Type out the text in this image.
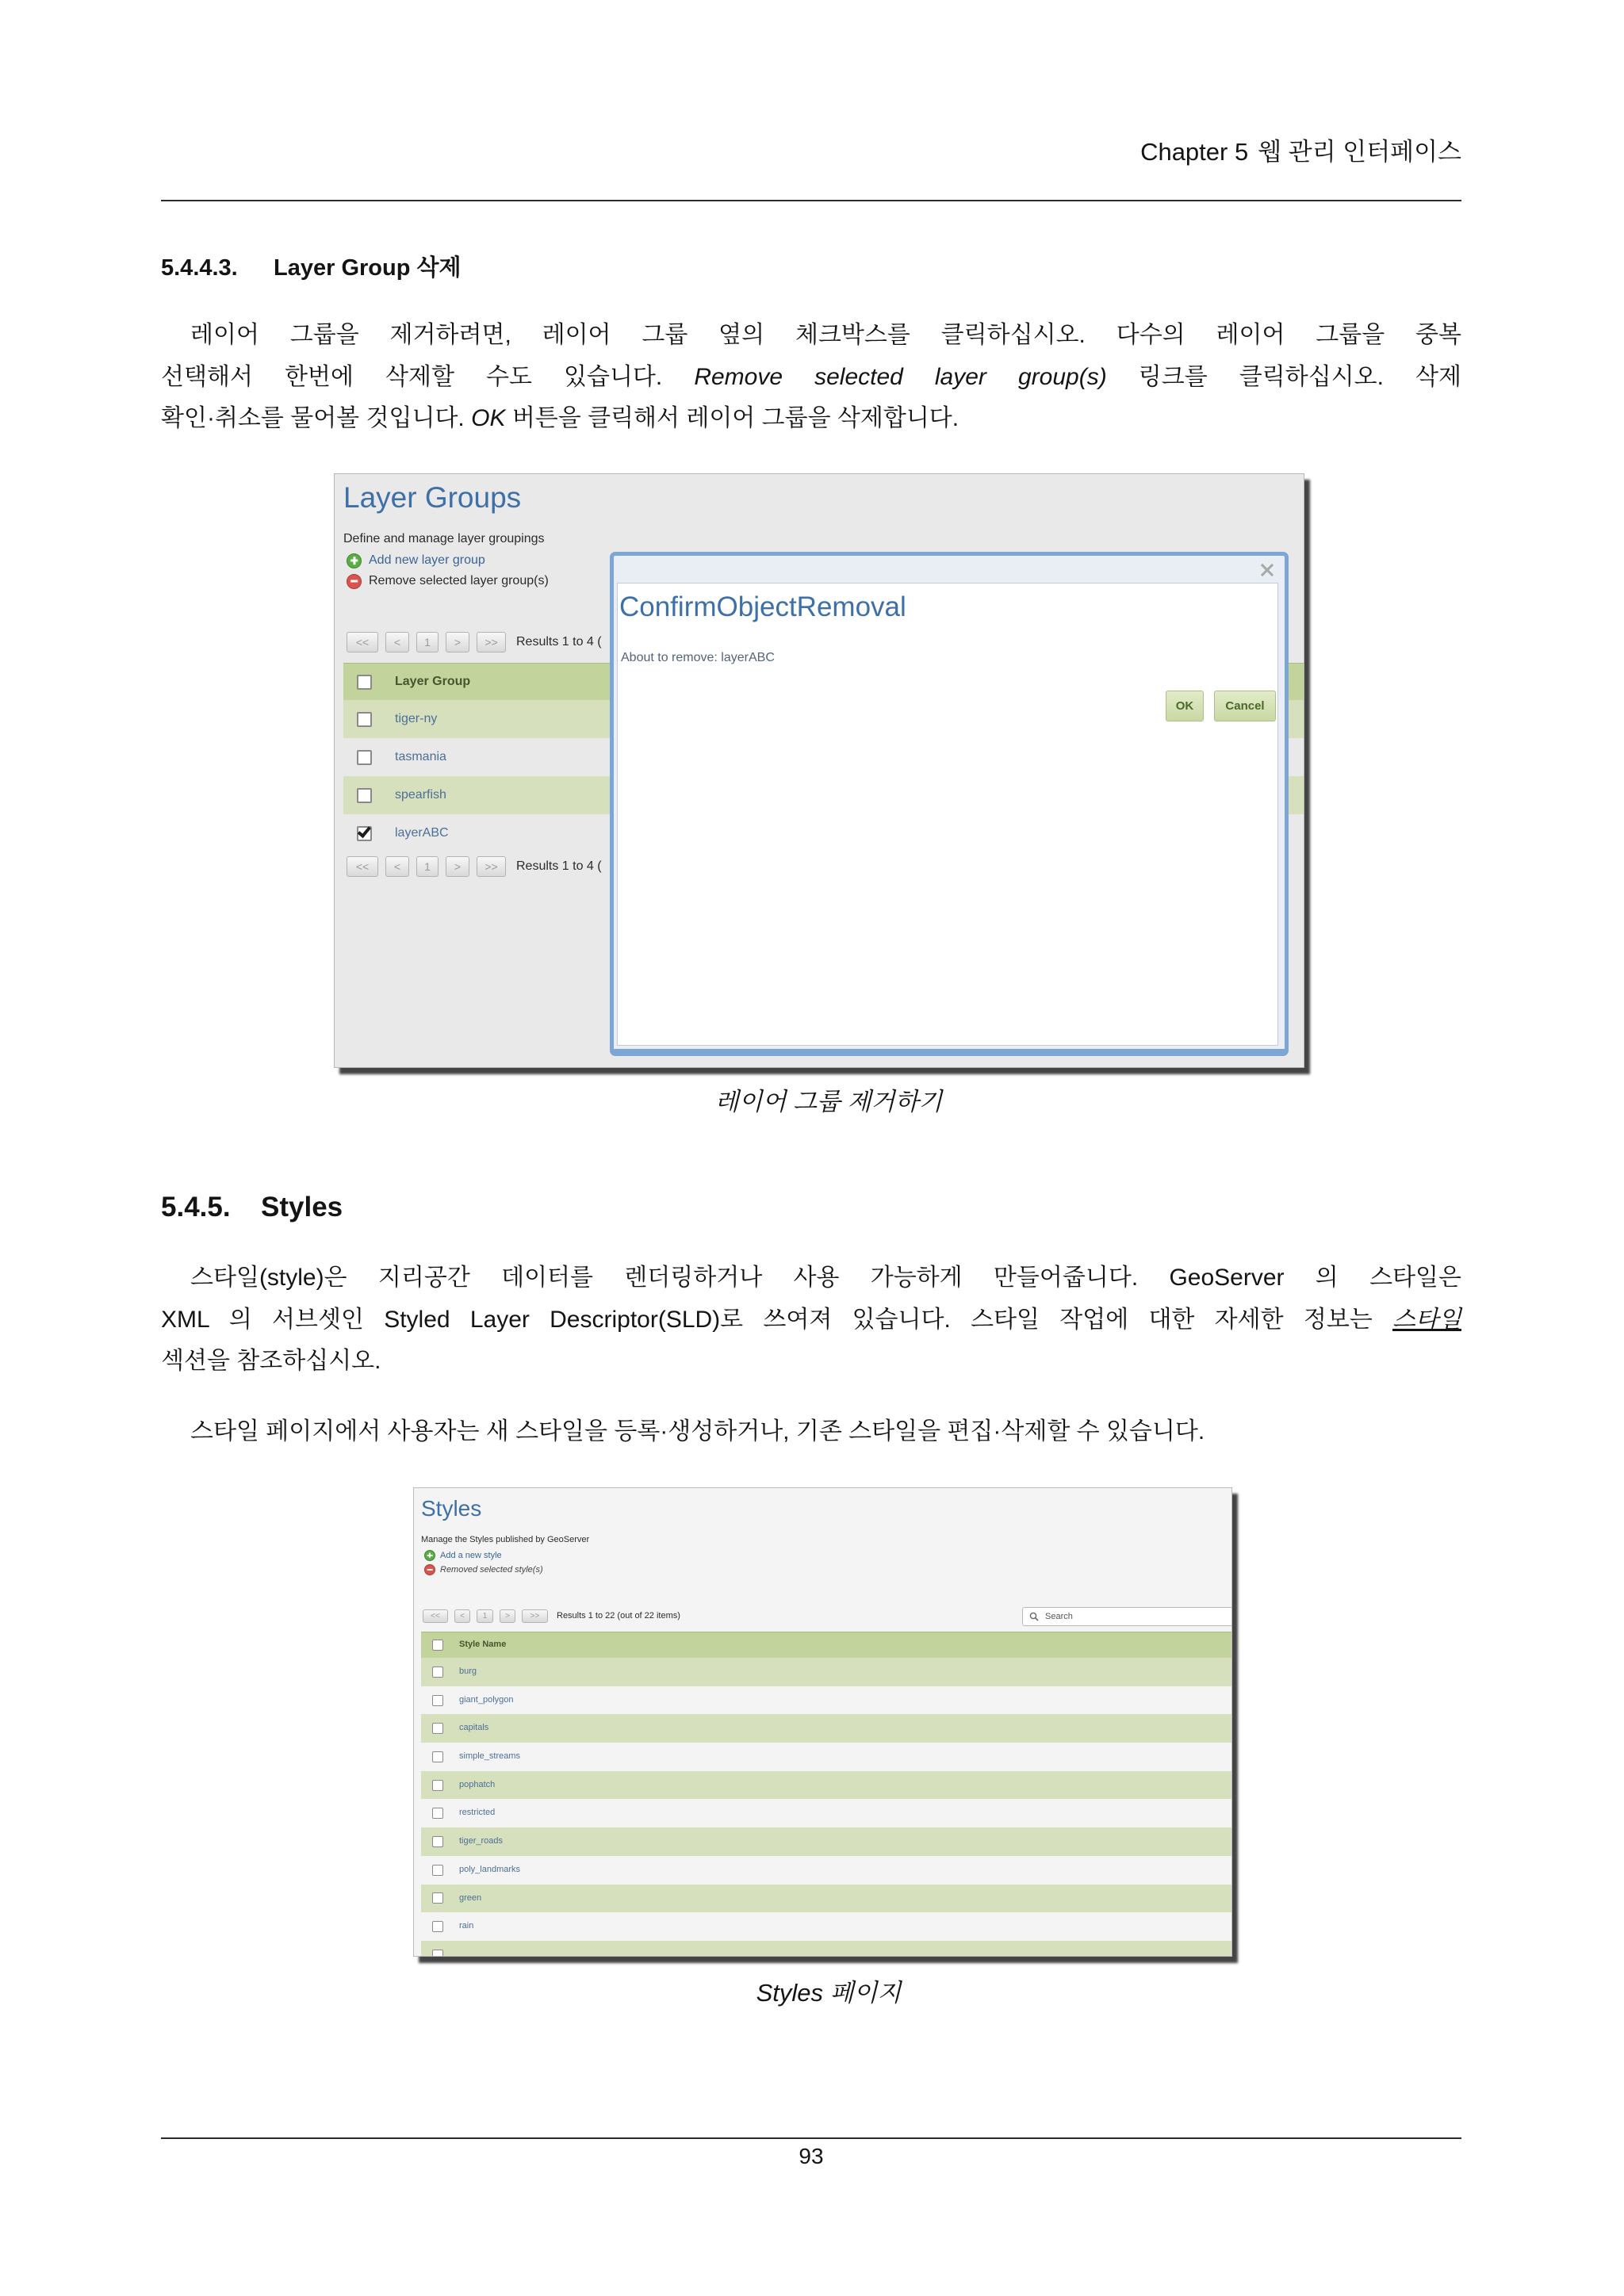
Chapter 5 웹 관리 인터페이스
5.4.4.3.	Layer Group 삭제
레이어 그룹을 제거하려면, 레이어 그룹 옆의 체크박스를 클릭하십시오. 다수의 레이어 그룹을 중복
선택해서 한번에 삭제할 수도 있습니다. Remove selected layer group(s) 링크를 클릭하십시오. 삭제
확인·취소를 물어볼 것입니다. OK 버튼을 클릭해서 레이어 그룹을 삭제합니다.
Layer Groups
Define and manage layer groupings
Add new layer group
Remove selected layer group(s)
<<	<	1	>	>>	Results 1 to 4 (
Layer Group
tiger-ny
tasmania
spearfish
layerABC
<<	<	1	>	>>	Results 1 to 4 (
ConfirmObjectRemoval
About to remove: layerABC
OK	Cancel
레이어 그룹 제거하기
5.4.5.	Styles
스타일(style)은 지리공간 데이터를 렌더링하거나 사용 가능하게 만들어줍니다. GeoServer 의 스타일은
XML 의 서브셋인 Styled Layer Descriptor(SLD)로 쓰여져 있습니다. 스타일 작업에 대한 자세한 정보는 스타일
섹션을 참조하십시오.
스타일 페이지에서 사용자는 새 스타일을 등록·생성하거나, 기존 스타일을 편집·삭제할 수 있습니다.
Styles
Manage the Styles published by GeoServer
Add a new style
Removed selected style(s)
<<	<	1	>	>>	Results 1 to 22 (out of 22 items)	Search
Style Name
burg
giant_polygon
capitals
simple_streams
pophatch
restricted
tiger_roads
poly_landmarks
green
rain
Styles 페이지
93
